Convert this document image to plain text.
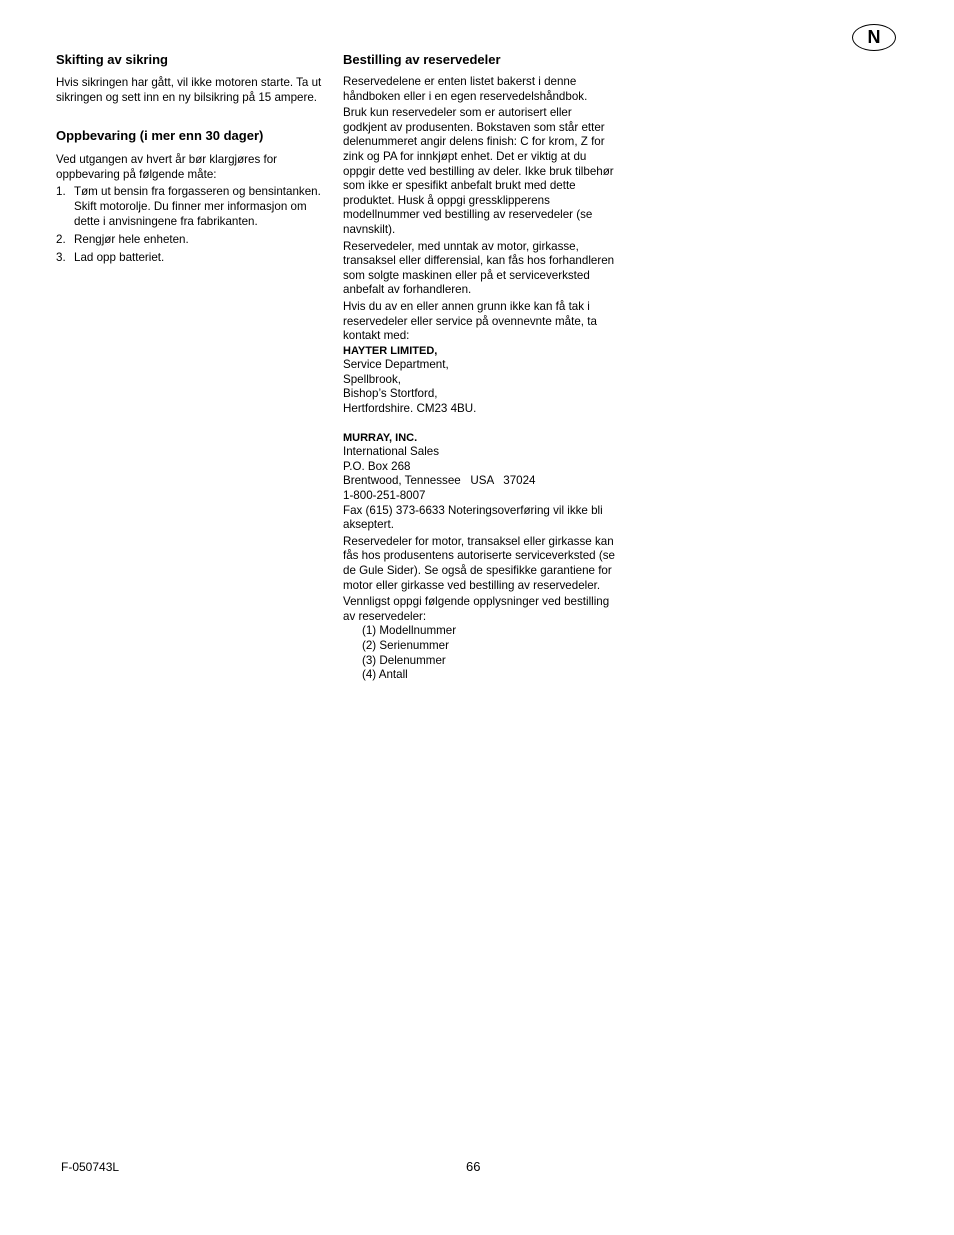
N
Skifting av sikring

Hvis sikringen har gått, vil ikke motoren starte. Ta ut sikringen og sett inn en ny bilsikring på 15 ampere.

Oppbevaring (i mer enn 30 dager)

Ved utgangen av hvert år bør klargjøres for oppbevaring på følgende måte:

1. Tøm ut bensin fra forgasseren og bensintanken. Skift motorolje. Du finner mer informasjon om dette i anvisningene fra fabrikanten.
2. Rengjør hele enheten.
3. Lad opp batteriet.
Bestilling av reservedeler

Reservedelene er enten listet bakerst i denne håndboken eller i en egen reservedelshåndbok.

Bruk kun reservedeler som er autorisert eller godkjent av produsenten. Bokstaven som står etter delenummeret angir delens finish: C for krom, Z for zink og PA for innkjøpt enhet. Det er viktig at du oppgir dette ved bestilling av deler. Ikke bruk tilbehør som ikke er spesifikt anbefalt brukt med dette produktet. Husk å oppgi gressklipperens modellnummer ved bestilling av reservedeler (se navnskilt).

Reservedeler, med unntak av motor, girkasse, transaksel eller differensial, kan fås hos forhandleren som solgte maskinen eller på et serviceverksted anbefalt av forhandleren.

Hvis du av en eller annen grunn ikke kan få tak i reservedeler eller service på ovennevnte måte, ta kontakt med:

HAYTER LIMITED,
Service Department,
Spellbrook,
Bishop’s Stortford,
Hertfordshire. CM23 4BU.
MURRAY, INC.
International Sales
P.O. Box 268
Brentwood, Tennessee   USA   37024
1-800-251-8007
Fax (615) 373-6633 Noteringsoverføring vil ikke bli akseptert.

Reservedeler for motor, transaksel eller girkasse kan fås hos produsentens autoriserte serviceverksted (se de Gule Sider). Se også de spesifikke garantiene for motor eller girkasse ved bestilling av reservedeler.

Vennligst oppgi følgende opplysninger ved bestilling av reservedeler:

(1) Modellnummer
(2) Serienummer
(3) Delenummer
(4) Antall
F-050743L	66
